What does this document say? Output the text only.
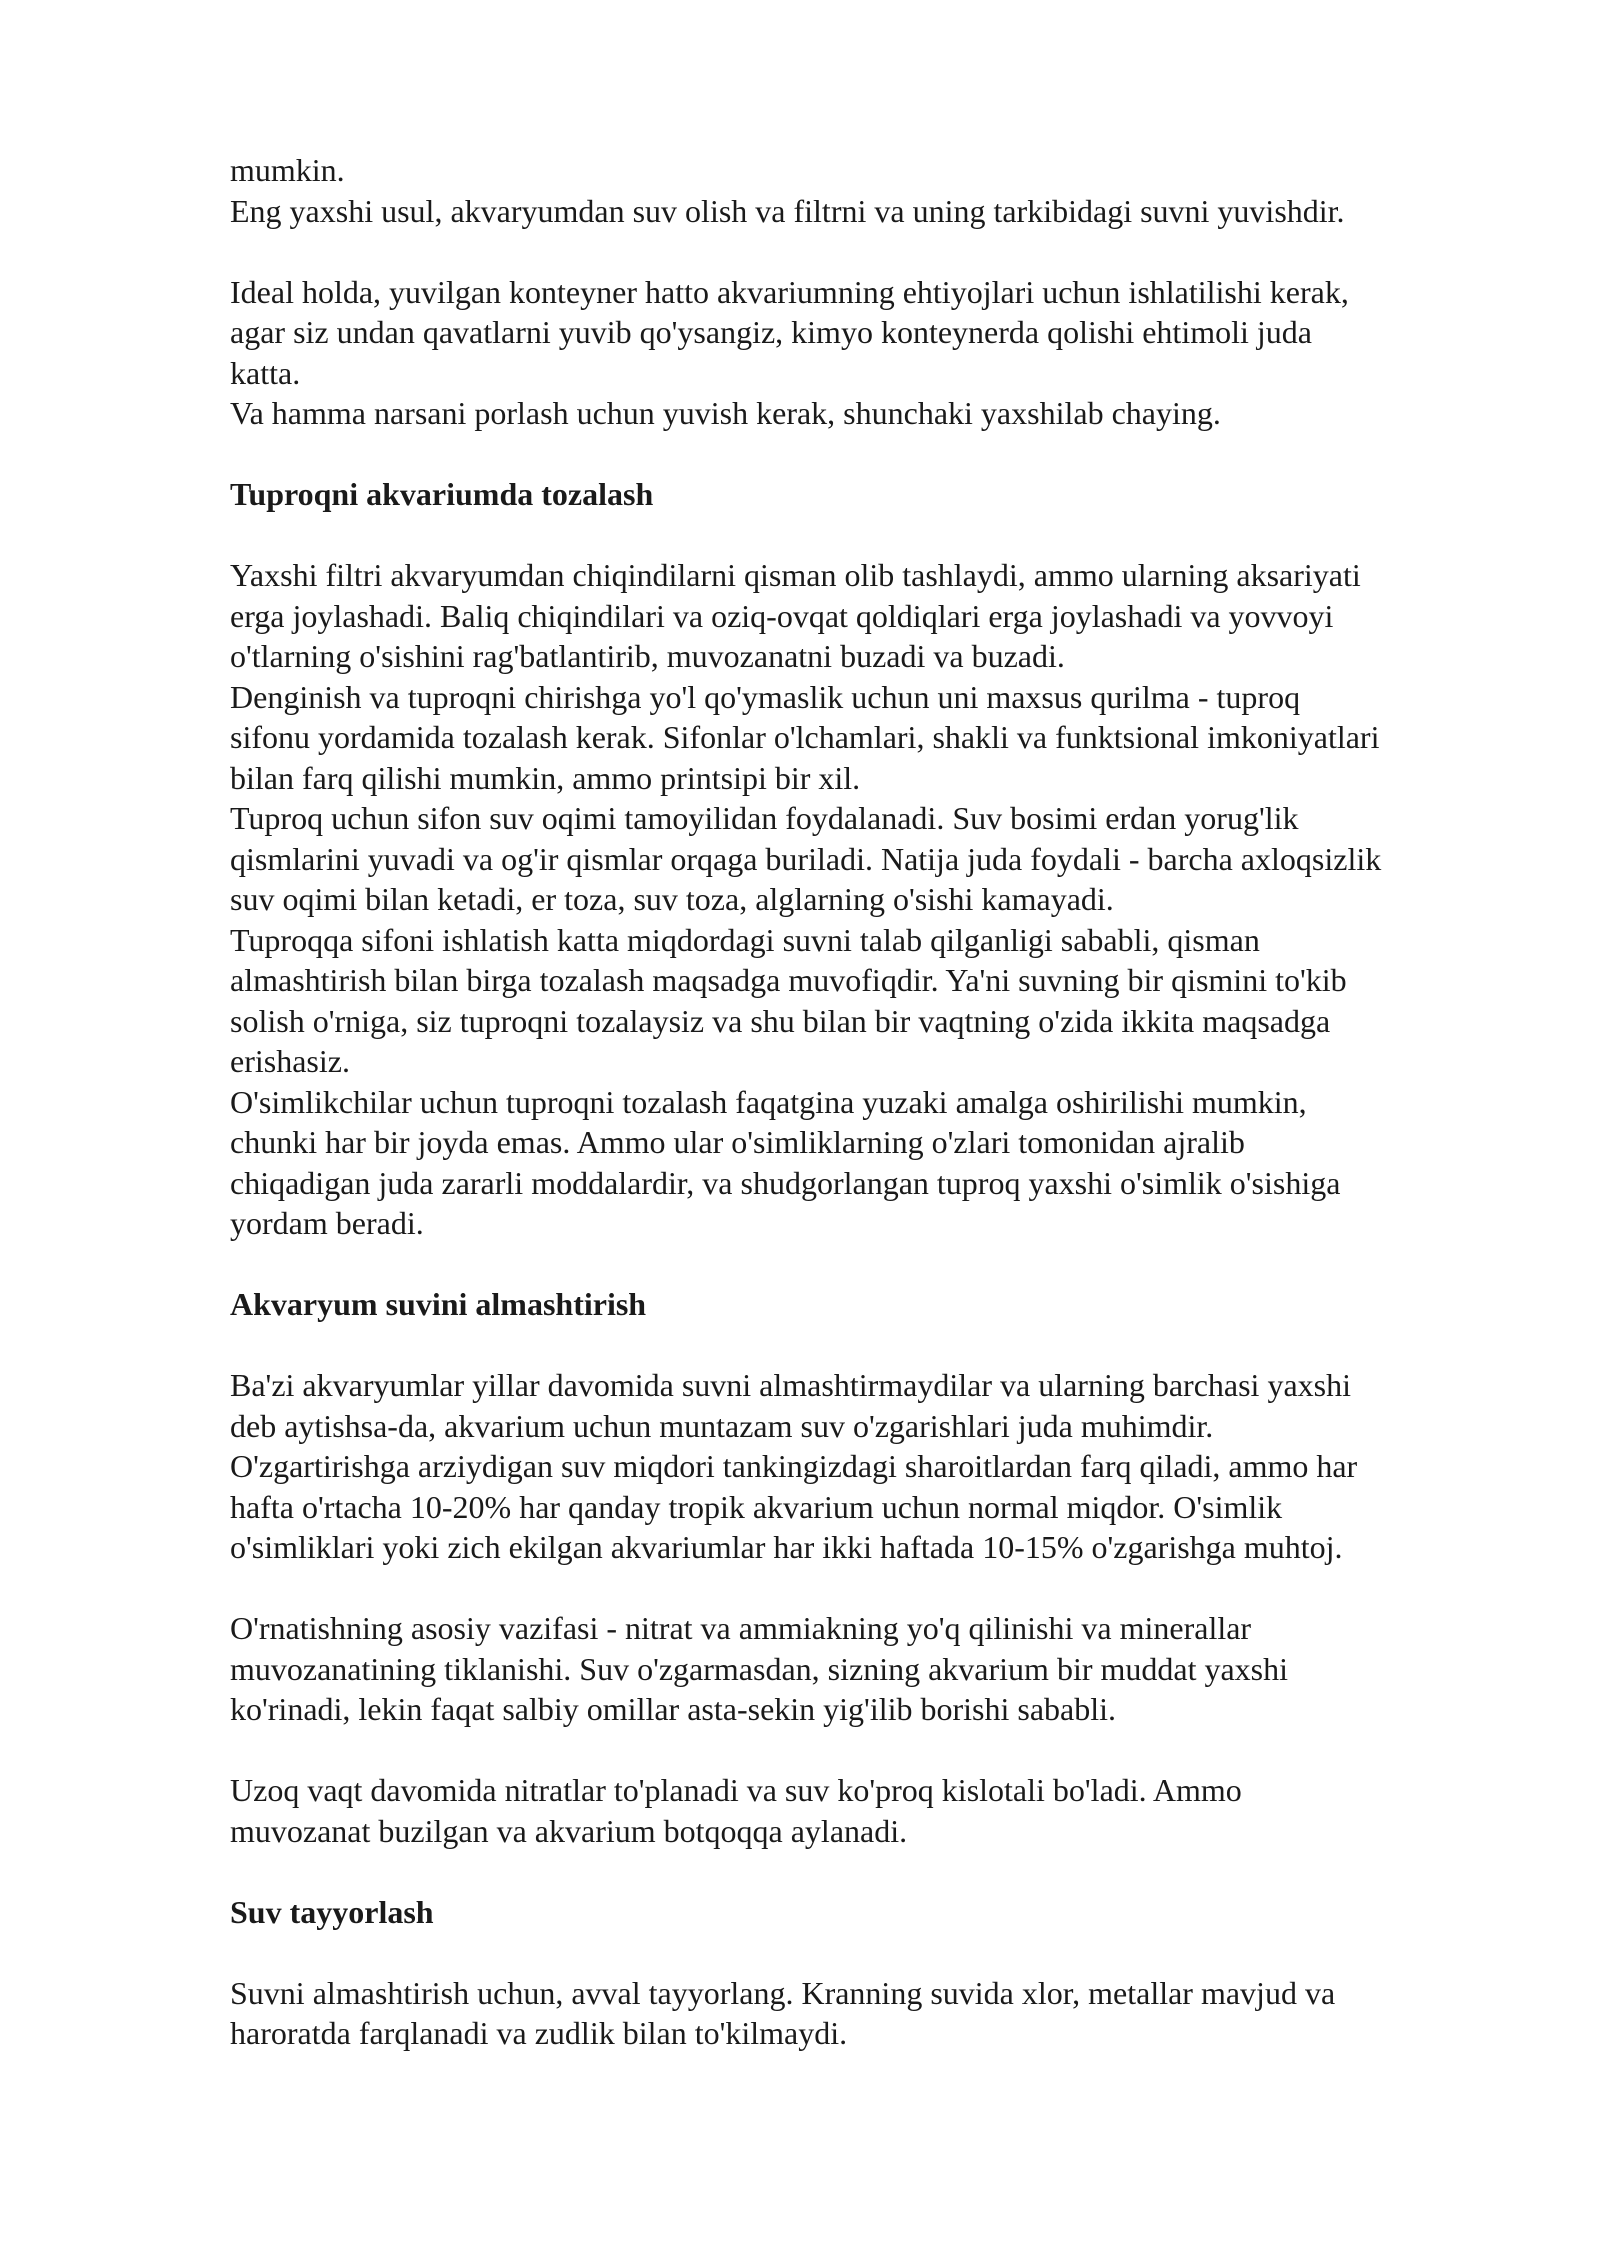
mumkin.
Eng yaxshi usul, akvaryumdan suv olish va filtrni va uning tarkibidagi suvni yuvishdir.
Ideal holda, yuvilgan konteyner hatto akvariumning ehtiyojlari uchun ishlatilishi kerak,
agar siz undan qavatlarni yuvib qo'ysangiz, kimyo konteynerda qolishi ehtimoli juda
katta.
Va hamma narsani porlash uchun yuvish kerak, shunchaki yaxshilab chaying.
Tuproqni akvariumda tozalash
Yaxshi filtri akvaryumdan chiqindilarni qisman olib tashlaydi, ammo ularning aksariyati
erga joylashadi. Baliq chiqindilari va oziq-ovqat qoldiqlari erga joylashadi va yovvoyi
o'tlarning o'sishini rag'batlantirib, muvozanatni buzadi va buzadi.
Denginish va tuproqni chirishga yo'l qo'ymaslik uchun uni maxsus qurilma - tuproq
sifonu yordamida tozalash kerak. Sifonlar o'lchamlari, shakli va funktsional imkoniyatlari
bilan farq qilishi mumkin, ammo printsipi bir xil.
Tuproq uchun sifon suv oqimi tamoyilidan foydalanadi. Suv bosimi erdan yorug'lik
qismlarini yuvadi va og'ir qismlar orqaga buriladi. Natija juda foydali - barcha axloqsizlik
suv oqimi bilan ketadi, er toza, suv toza, alglarning o'sishi kamayadi.
Tuproqqa sifoni ishlatish katta miqdordagi suvni talab qilganligi sababli, qisman
almashtirish bilan birga tozalash maqsadga muvofiqdir. Ya'ni suvning bir qismini to'kib
solish o'rniga, siz tuproqni tozalaysiz va shu bilan bir vaqtning o'zida ikkita maqsadga
erishasiz.
O'simlikchilar uchun tuproqni tozalash faqatgina yuzaki amalga oshirilishi mumkin,
chunki har bir joyda emas. Ammo ular o'simliklarning o'zlari tomonidan ajralib
chiqadigan juda zararli moddalardir, va shudgorlangan tuproq yaxshi o'simlik o'sishiga
yordam beradi.
Akvaryum suvini almashtirish
Ba'zi akvaryumlar yillar davomida suvni almashtirmaydilar va ularning barchasi yaxshi
deb aytishsa-da, akvarium uchun muntazam suv o'zgarishlari juda muhimdir.
O'zgartirishga arziydigan suv miqdori tankingizdagi sharoitlardan farq qiladi, ammo har
hafta o'rtacha 10-20% har qanday tropik akvarium uchun normal miqdor. O'simlik
o'simliklari yoki zich ekilgan akvariumlar har ikki haftada 10-15% o'zgarishga muhtoj.
O'rnatishning asosiy vazifasi - nitrat va ammiakning yo'q qilinishi va minerallar
muvozanatining tiklanishi. Suv o'zgarmasdan, sizning akvarium bir muddat yaxshi
ko'rinadi, lekin faqat salbiy omillar asta-sekin yig'ilib borishi sababli.
Uzoq vaqt davomida nitratlar to'planadi va suv ko'proq kislotali bo'ladi. Ammo
muvozanat buzilgan va akvarium botqoqqa aylanadi.
Suv tayyorlash
Suvni almashtirish uchun, avval tayyorlang. Kranning suvida xlor, metallar mavjud va
haroratda farqlanadi va zudlik bilan to'kilmaydi.
